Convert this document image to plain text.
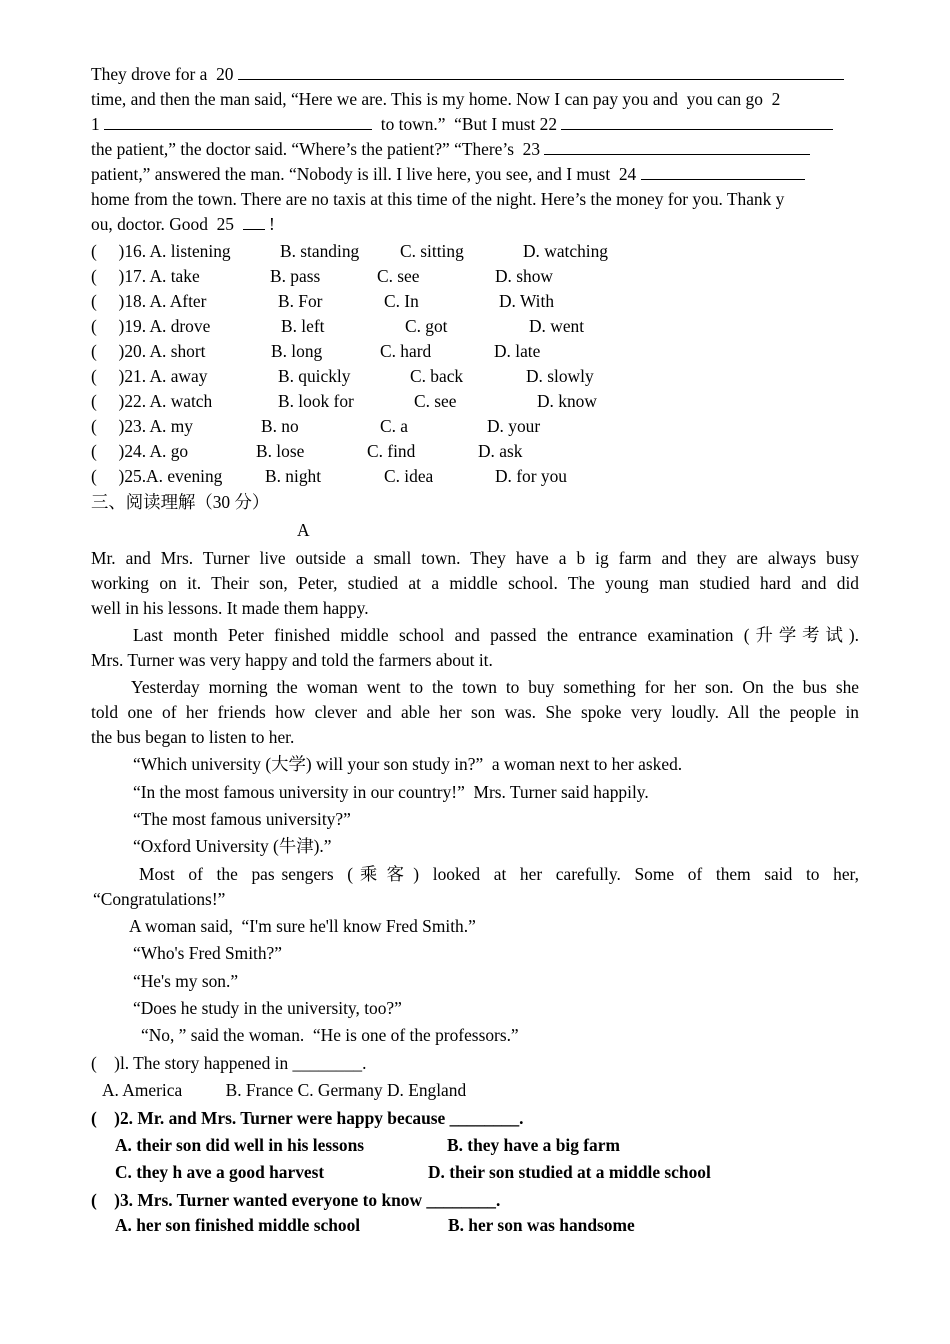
They drove for a  20
time, and then the man said, “Here we are. This is my home. Now I can pay you and  you can go  2
1	to town.”  “But I must 22
the patient,” the doctor said. “Where’s the patient?” “There’s  23
patient,” answered the man. “Nobody is ill. I live here, you see, and I must  24
home from the town. There are no taxis at this time of the night. Here’s the money for you. Thank y
ou, doctor. Good  25   !
(     )16. A. listening	B. standing C. sitting	D. watching
(     )17. A. take	B. pass	C. see	D. show
(     )18. A. After	B. For	C. In	D. With
(     )19. A. drove	B. left	C. got	D. went
(     )20. A. short	B. long	C. hard	D. late
(     )21. A. away	B. quickly	C. back	D. slowly
(     )22. A. watch	B. look for	C. see	D. know
(     )23. A. my	B. no	C. a	D. your
(     )24. A. go	B. lose	C. find	D. ask
(     )25.A. evening B. night	C. idea	D. for you
三、阅读理解（30 分）
A
Mr. and Mrs. Turner live outside a small town. They have a b ig farm and they are always busy
working on it. Their son, Peter, studied at a middle school. The young man studied hard and did
well in his lessons. It made them happy.
Last month Peter finished middle school and passed the entrance examination (升学考试).
Mrs. Turner was very happy and told the farmers about it.
Yesterday morning the woman went to the town to buy something for her son. On the bus she
told one of her friends how clever and able her son was. She spoke very loudly. All the people in
the bus began to listen to her.
“Which university (大学) will your son study in?”  a woman next to her asked.
“In the most famous university in our country!”  Mrs. Turner said happily.
“The most famous university?”
“Oxford University (牛津).”
Most  of  the  pas sengers  ( 乘 客 )  looked  at  her  carefully.  Some  of  them  said  to  her,
“Congratulations!”
A woman said,  “I'm sure he'll know Fred Smith.”
“Who's Fred Smith?”
“He's my son.”
“Does he study in the university, too?”
“No, ” said the woman.  “He is one of the professors.”
(    )l. The story happened in ________.
A. America          B. France C. Germany D. England
(    )2. Mr. and Mrs. Turner were happy because ________.
A. their son did well in his lessons	B. they have a big farm
C. they h ave a good harvest	D. their son studied at a middle school
(    )3. Mrs. Turner wanted everyone to know ________.
A. her son finished middle school	B. her son was handsome
